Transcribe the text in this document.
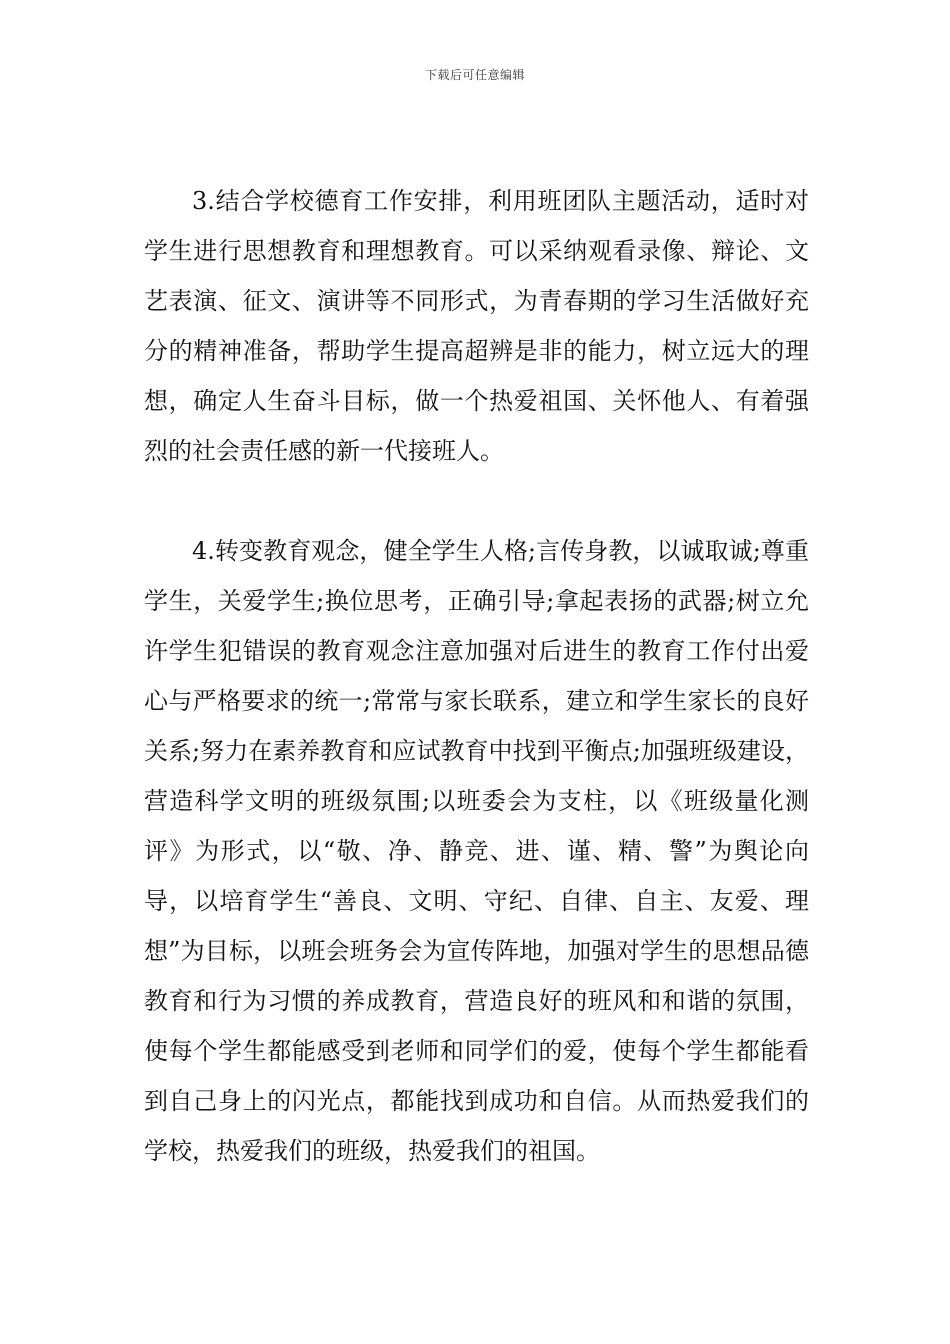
下载后可任意编辑

3.结合学校德育工作安排，利用班团队主题活动，适时对学生进行思想教育和理想教育。可以采纳观看录像、辩论、文艺表演、征文、演讲等不同形式，为青春期的学习生活做好充分的精神准备，帮助学生提高超辨是非的能力，树立远大的理想，确定人生奋斗目标，做一个热爱祖国、关怀他人、有着强烈的社会责任感的新一代接班人。

4.转变教育观念，健全学生人格;言传身教，以诚取诚;尊重学生，关爱学生;换位思考，正确引导;拿起表扬的武器;树立允许学生犯错误的教育观念注意加强对后进生的教育工作付出爱心与严格要求的统一;常常与家长联系，建立和学生家长的良好关系;努力在素养教育和应试教育中找到平衡点;加强班级建设，营造科学文明的班级氛围;以班委会为支柱，以《班级量化测评》为形式，以“敬、净、静竞、进、谨、精、警”为舆论向导，以培育学生“善良、文明、守纪、自律、自主、友爱、理想”为目标，以班会班务会为宣传阵地，加强对学生的思想品德教育和行为习惯的养成教育，营造良好的班风和和谐的氛围，使每个学生都能感受到老师和同学们的爱，使每个学生都能看到自己身上的闪光点，都能找到成功和自信。从而热爱我们的学校，热爱我们的班级，热爱我们的祖国。
